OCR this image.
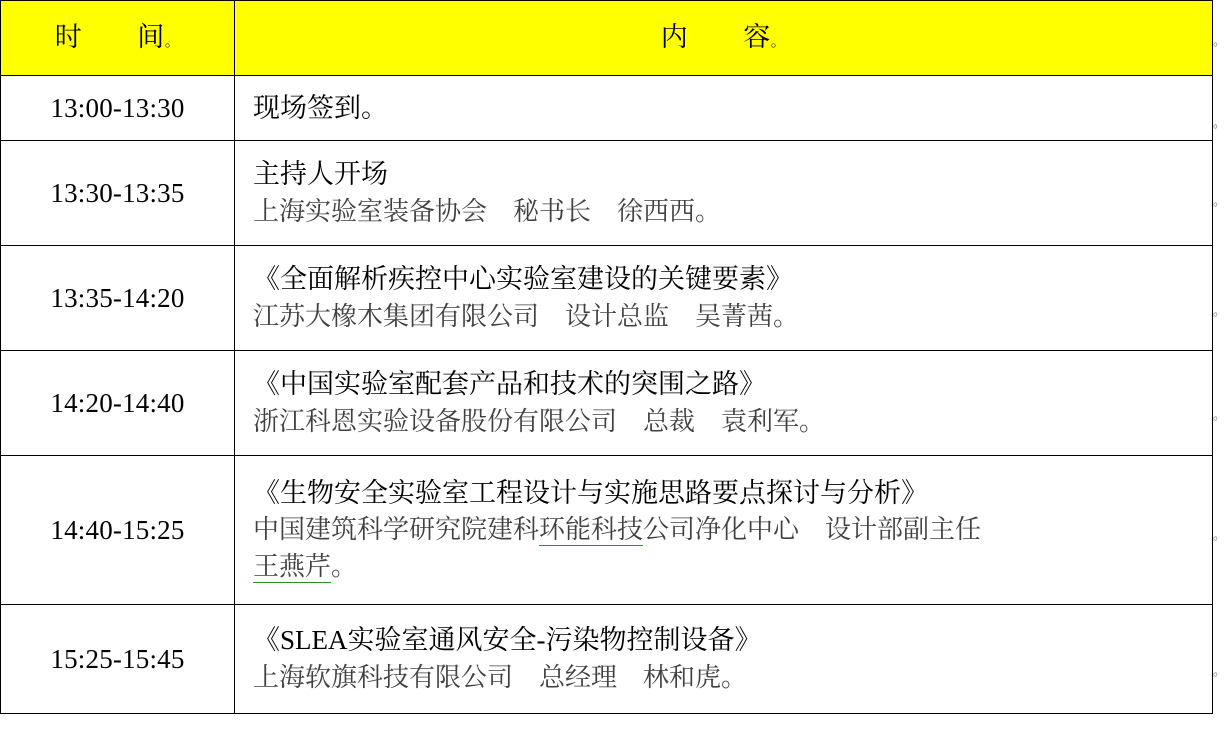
时　　间。	内　　容。

13:00-13:30	现场签到。

13:30-13:35	主持人开场
上海实验室装备协会　秘书长　徐西西。

13:35-14:20	《全面解析疾控中心实验室建设的关键要素》
江苏大橡木集团有限公司　设计总监　吴菁茜。

14:20-14:40	《中国实验室配套产品和技术的突围之路》
浙江科恩实验设备股份有限公司　总裁　袁利军。

14:40-15:25	《生物安全实验室工程设计与实施思路要点探讨与分析》
中国建筑科学研究院建科环能科技公司净化中心　设计部副主任
王燕芹。

15:25-15:45	《SLEA实验室通风安全-污染物控制设备》
上海软旗科技有限公司　总经理　林和虎。
。
。
。
。
。
。
。
